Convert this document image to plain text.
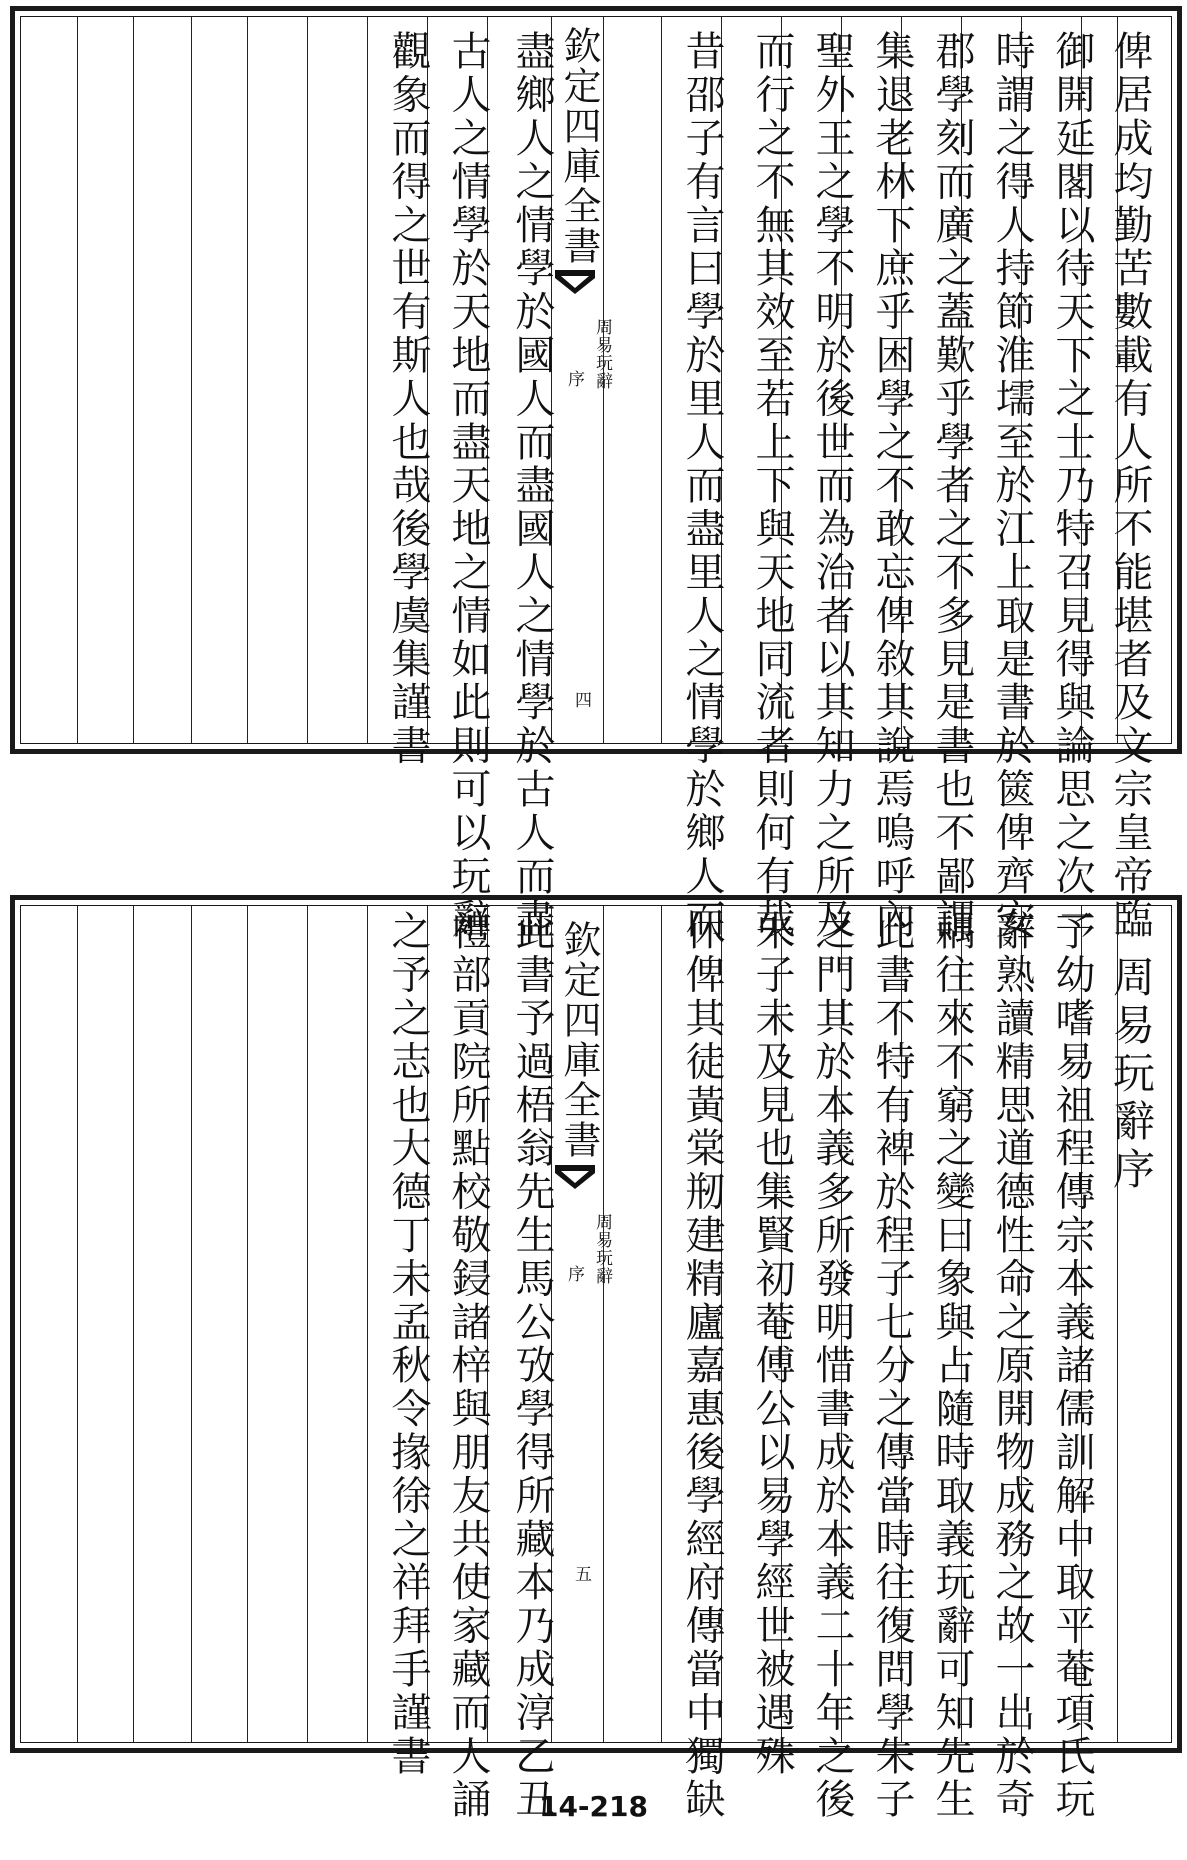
欽定四庫全書
周易玩辭
序
四	俾居成均勤苦數載有人所不能堪者及文宗皇帝臨
御開延閣以待天下之士乃特召見得與論思之次一
時謂之得人持節淮壖至於江上取是書於篋俾齊安
郡學刻而廣之蓋歎乎學者之不多見是書也不鄙謂
集退老林下庶乎困學之不敢忘俾敘其說焉嗚呼內
聖外王之學不明於後世而為治者以其知力之所及
而行之不無其效至若上下與天地同流者則何有哉
昔邵子有言曰學於里人而盡里人之情學於鄉人而
盡鄉人之情學於國人而盡國人之情學於古人而盡
古人之情學於天地而盡天地之情如此則可以玩辭
觀象而得之世有斯人也哉後學虞集謹書
欽定四庫全書
周易玩辭
序
五
周易玩辭序
予幼嗜易祖程傳宗本義諸儒訓解中取平菴項氏玩
辭熟讀精思道德性命之原開物成務之故一出於奇
耦往來不窮之變曰象與占隨時取義玩辭可知先生
此書不特有裨於程子七分之傳當時往復問學朱子
之門其於本義多所發明惜書成於本義二十年之後
朱子未及見也集賢初菴傅公以易學經世被遇殊
休俾其徒黃棠剏建精廬嘉惠後學經府傳當中獨缺
此書予過梧翁先生馬公攷學得所藏本乃成淳乙丑
禮部貢院所點校敬鋟諸梓與朋友共使家藏而人誦
之予之志也大德丁未孟秋令掾徐之祥拜手謹書
14-218
